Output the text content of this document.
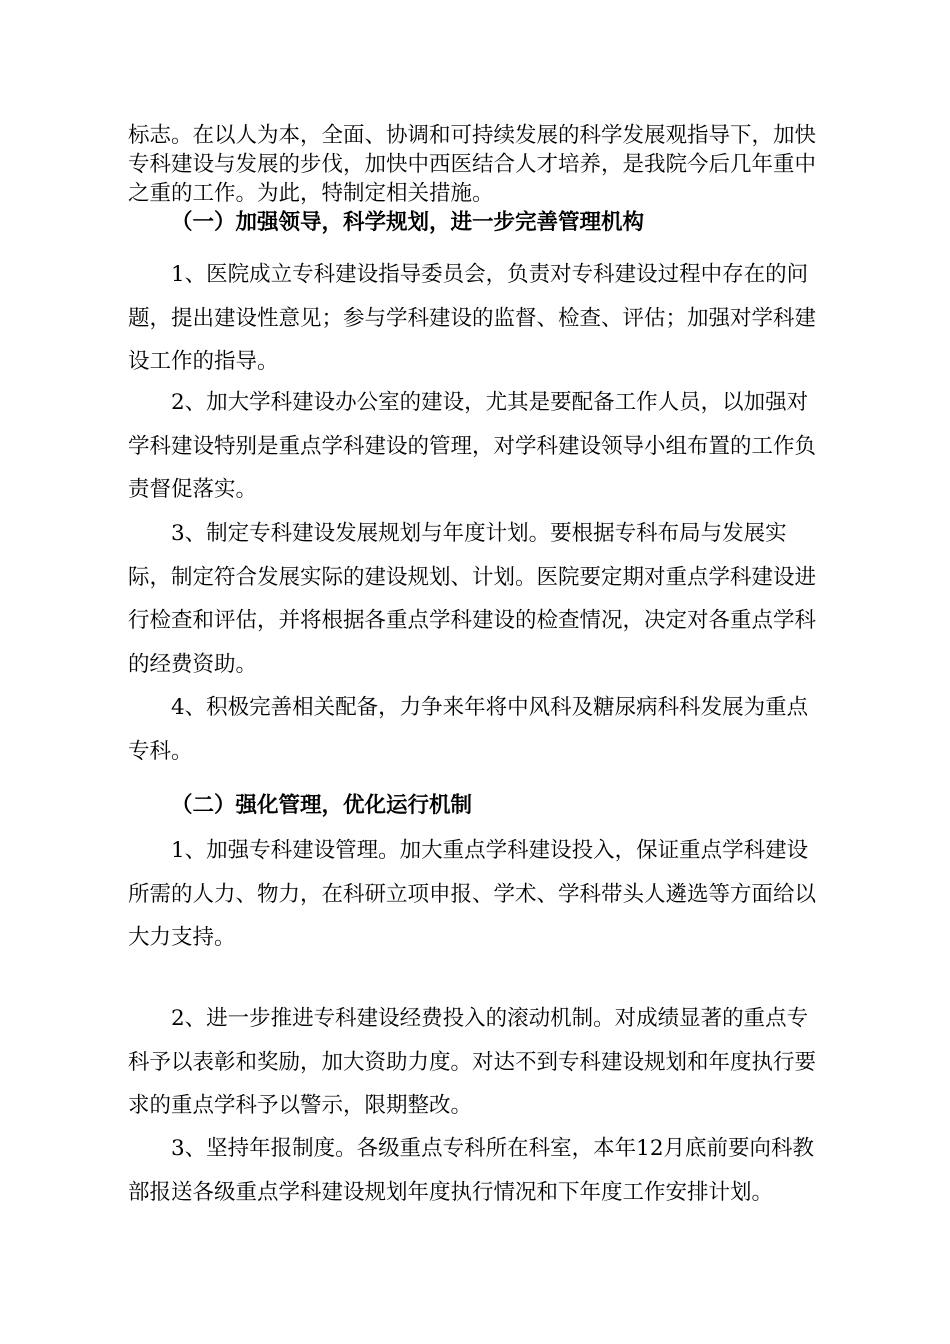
标志。在以人为本，全面、协调和可持续发展的科学发展观指导下，加快专科建设与发展的步伐，加快中西医结合人才培养，是我院今后几年重中之重的工作。为此，特制定相关措施。

（一）加强领导，科学规划，进一步完善管理机构

1、医院成立专科建设指导委员会，负责对专科建设过程中存在的问题，提出建设性意见；参与学科建设的监督、检查、评估；加强对学科建设工作的指导。

2、加大学科建设办公室的建设，尤其是要配备工作人员，以加强对学科建设特别是重点学科建设的管理，对学科建设领导小组布置的工作负责督促落实。

3、制定专科建设发展规划与年度计划。要根据专科布局与发展实际，制定符合发展实际的建设规划、计划。医院要定期对重点学科建设进行检查和评估，并将根据各重点学科建设的检查情况，决定对各重点学科的经费资助。

4、积极完善相关配备，力争来年将中风科及糖尿病科科发展为重点专科。

（二）强化管理，优化运行机制

1、加强专科建设管理。加大重点学科建设投入，保证重点学科建设所需的人力、物力，在科研立项申报、学术、学科带头人遴选等方面给以大力支持。

2、进一步推进专科建设经费投入的滚动机制。对成绩显著的重点专科予以表彰和奖励，加大资助力度。对达不到专科建设规划和年度执行要求的重点学科予以警示，限期整改。

3、坚持年报制度。各级重点专科所在科室，本年12月底前要向科教部报送各级重点学科建设规划年度执行情况和下年度工作安排计划。
